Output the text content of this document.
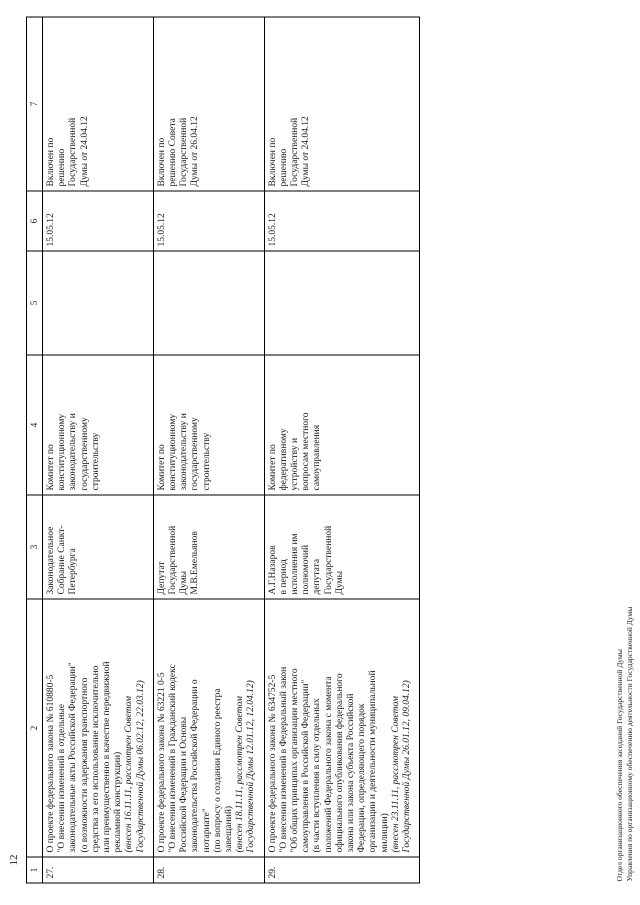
12
1	2	3	4	5	6	7
27.	
О проекте федерального закона № 610880-5
"О внесении изменений в отдельные
законодательные акты Российской Федерации"
(о возможности задержания транспортного
средства за его использование исключительно
или преимущественно в качестве передвижной
рекламной конструкции) (внесен 16.11.11, рассмотрен Советом
Государственной Думы 06.02.12, 22.03.12)
	Законодательное
Собрание Санкт-
Петербурга	Комитет по
конституционному
законодательству и
государственному
строительству		15.05.12	Включен по
решению
Государственной
Думы от 24.04.12
28.	
О проекте федерального закона № 63221 0-5
"О внесении изменений в Гражданский кодекс
Российской Федерации и Основы
законодательства Российской Федерации о
нотариате"
(по вопросу о создании Единого реестра
завещаний) (внесен 18.11.11, рассмотрен Советом
Государственной Думы 12.01.12, 12.04.12)
	Депутат
Государственной
Думы
М.В.Емельянов	Комитет по
конституционному
законодательству и
государственному
строительству		15.05.12	Включен по
решению Совета
Государственной
Думы от 26.04.12
29.	
О проекте федерального закона № 634752-5
"О внесении изменений в Федеральный закон
"Об общих принципах организации местного
самоуправления в Российской Федерации"
(в части вступления в силу отдельных
положений Федерального закона с момента
официального опубликования федерального
закона или закона субъекта Российской
Федерации, определяющего порядок
организации и деятельности муниципальной
милиции) (внесен 23.11.11, рассмотрен Советом
Государственной Думы 26.01.12, 09.04.12)
	А.Г.Назаров
в период
исполнения им
полномочий
депутата
Государственной
Думы	Комитет по
федеративному
устройству и
вопросам местного
самоуправления		15.05.12	Включен по
решению
Государственной
Думы от 24.04.12
Отдел организационного обеспечения заседаний Государственной Думы Управления по организационному обеспечению деятельности Государственной Думы
